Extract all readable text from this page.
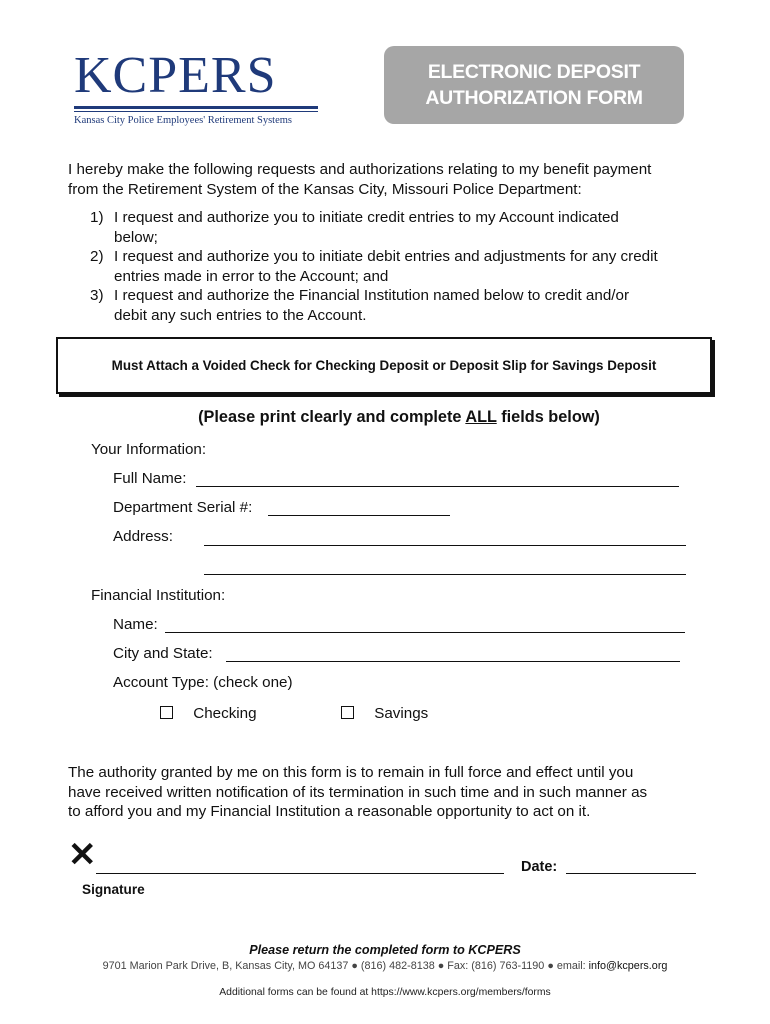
KCPERS
Kansas City Police Employees' Retirement Systems
ELECTRONIC DEPOSIT
AUTHORIZATION FORM
I hereby make the following requests and authorizations relating to my benefit payment
from the Retirement System of the Kansas City, Missouri Police Department:
1) I request and authorize you to initiate credit entries to my Account indicated
below;
2) I request and authorize you to initiate debit entries and adjustments for any credit
entries made in error to the Account; and
3) I request and authorize the Financial Institution named below to credit and/or
debit any such entries to the Account.
Must Attach a Voided Check for Checking Deposit or Deposit Slip for Savings Deposit
(Please print clearly and complete ALL fields below)
Your Information:
Full Name:
Department Serial #:
Address:
Financial Institution:
Name:
City and State:
Account Type: (check one)
Checking	Savings
The authority granted by me on this form is to remain in full force and effect until you
have received written notification of its termination in such time and in such manner as
to afford you and my Financial Institution a reasonable opportunity to act on it.
✕	Date:
Signature
Please return the completed form to KCPERS
9701 Marion Park Drive, B, Kansas City, MO 64137 ● (816) 482-8138 ● Fax: (816) 763-1190 ● email: info@kcpers.org
Additional forms can be found at https://www.kcpers.org/members/forms
